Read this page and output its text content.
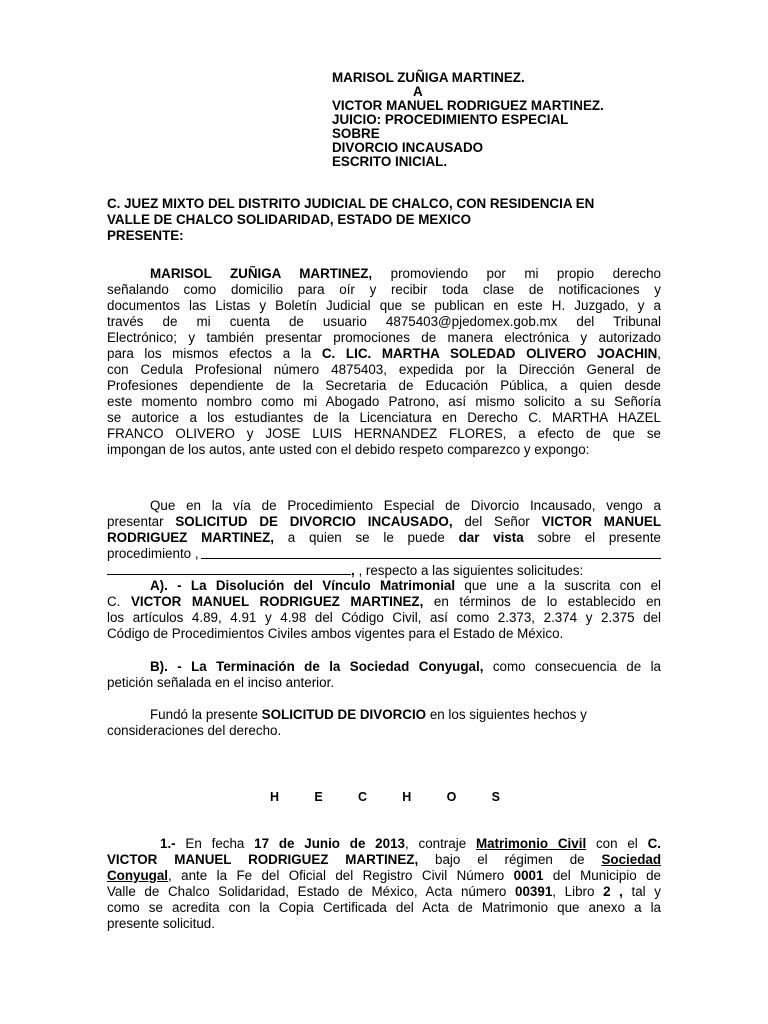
MARISOL ZUÑIGA MARTINEZ.
A
VICTOR MANUEL RODRIGUEZ MARTINEZ.
JUICIO: PROCEDIMIENTO ESPECIAL
SOBRE
DIVORCIO INCAUSADO
ESCRITO INICIAL.
C. JUEZ MIXTO DEL DISTRITO JUDICIAL DE CHALCO, CON RESIDENCIA EN
VALLE DE CHALCO SOLIDARIDAD, ESTADO DE MEXICO
PRESENTE:
MARISOL ZUÑIGA MARTINEZ, promoviendo por mi propio derecho
señalando como domicilio para oír y recibir toda clase de notificaciones y
documentos las Listas y Boletín Judicial que se publican en este H. Juzgado, y a
través de mi cuenta de usuario 4875403@pjedomex.gob.mx del Tribunal
Electrónico; y también presentar promociones de manera electrónica y autorizado
para los mismos efectos a la C. LIC. MARTHA SOLEDAD OLIVERO JOACHIN,
con Cedula Profesional número 4875403, expedida por la Dirección General de
Profesiones dependiente de la Secretaria de Educación Pública, a quien desde
este momento nombro como mi Abogado Patrono, así mismo solicito a su Señoría
se autorice a los estudiantes de la Licenciatura en Derecho C. MARTHA HAZEL
FRANCO OLIVERO y JOSE LUIS HERNANDEZ FLORES, a efecto de que se
impongan de los autos, ante usted con el debido respeto comparezco y expongo:
Que en la vía de Procedimiento Especial de Divorcio Incausado, vengo a
presentar SOLICITUD DE DIVORCIO INCAUSADO, del Señor VICTOR MANUEL
RODRIGUEZ MARTINEZ, a quien se le puede dar vista sobre el presente
procedimiento ,
, , respecto a las siguientes solicitudes:
A). - La Disolución del Vínculo Matrimonial que une a la suscrita con el
C. VICTOR MANUEL RODRIGUEZ MARTINEZ, en términos de lo establecido en
los artículos 4.89, 4.91 y 4.98 del Código Civil, así como 2.373, 2.374 y 2.375 del
Código de Procedimientos Civiles ambos vigentes para el Estado de México.
B). - La Terminación de la Sociedad Conyugal, como consecuencia de la
petición señalada en el inciso anterior.
Fundó la presente SOLICITUD DE DIVORCIO en los siguientes hechos y
consideraciones del derecho.
H	E	C	H	O	S
1.- En fecha 17 de Junio de 2013, contraje Matrimonio Civil con el C.
VICTOR MANUEL RODRIGUEZ MARTINEZ, bajo el régimen de Sociedad
Conyugal, ante la Fe del Oficial del Registro Civil Número 0001 del Municipio de
Valle de Chalco Solidaridad, Estado de México, Acta número 00391, Libro 2 , tal y
como se acredita con la Copia Certificada del Acta de Matrimonio que anexo a la
presente solicitud.
